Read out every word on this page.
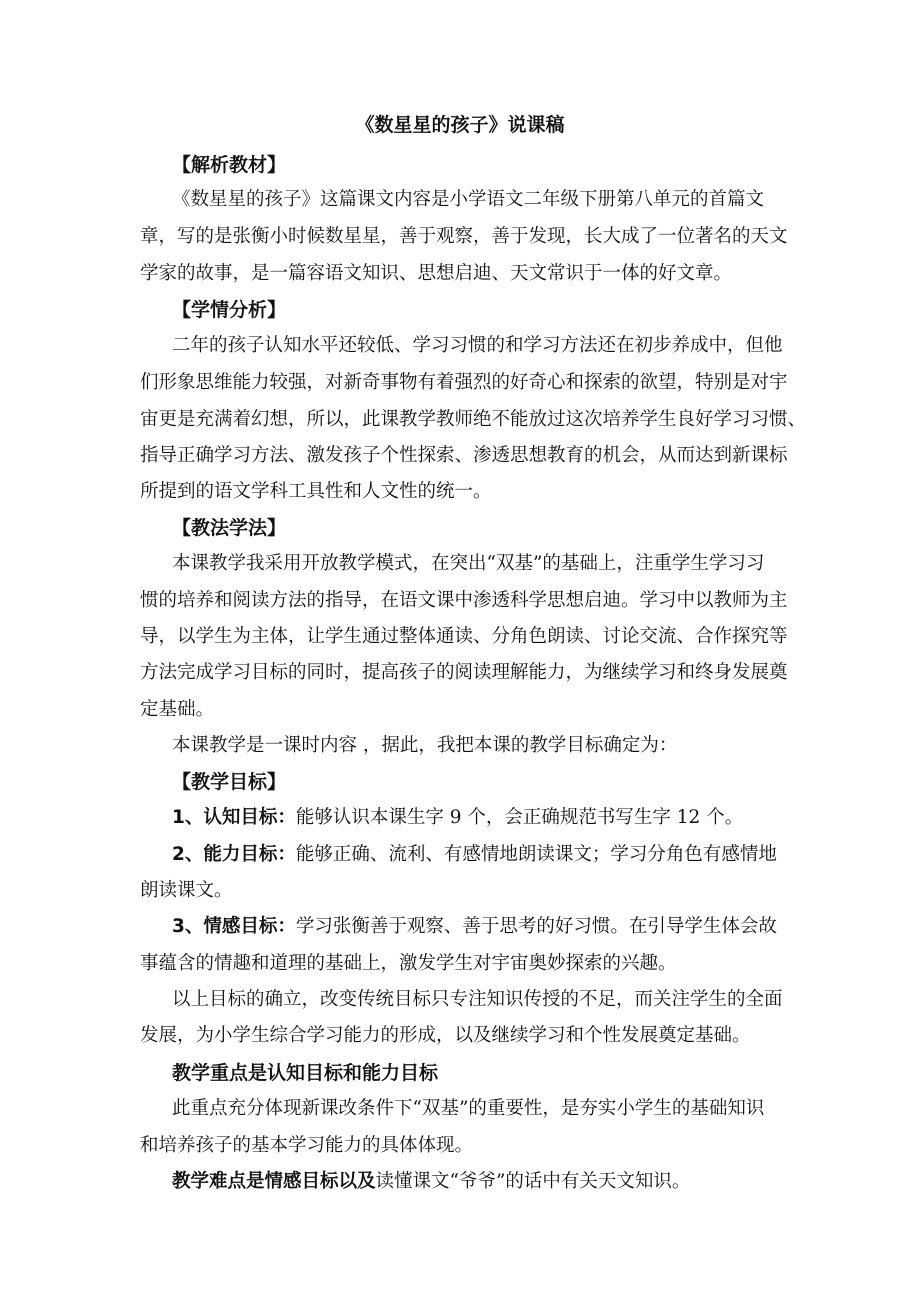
《数星星的孩子》说课稿
【解析教材】
《数星星的孩子》这篇课文内容是小学语文二年级下册第八单元的首篇文
章，写的是张衡小时候数星星，善于观察，善于发现，长大成了一位著名的天文
学家的故事，是一篇容语文知识、思想启迪、天文常识于一体的好文章。
【学情分析】
二年的孩子认知水平还较低、学习习惯的和学习方法还在初步养成中，但他
们形象思维能力较强，对新奇事物有着强烈的好奇心和探索的欲望，特别是对宇
宙更是充满着幻想，所以，此课教学教师绝不能放过这次培养学生良好学习习惯、
指导正确学习方法、激发孩子个性探索、渗透思想教育的机会，从而达到新课标
所提到的语文学科工具性和人文性的统一。
【教法学法】
本课教学我采用开放教学模式，在突出“双基”的基础上，注重学生学习习
惯的培养和阅读方法的指导，在语文课中渗透科学思想启迪。学习中以教师为主
导，以学生为主体，让学生通过整体通读、分角色朗读、讨论交流、合作探究等
方法完成学习目标的同时，提高孩子的阅读理解能力，为继续学习和终身发展奠
定基础。
本课教学是一课时内容 ，据此，我把本课的教学目标确定为：
【教学目标】
1、认知目标：能够认识本课生字 9 个，会正确规范书写生字 12 个。
2、能力目标：能够正确、流利、有感情地朗读课文；学习分角色有感情地
朗读课文。
3、情感目标：学习张衡善于观察、善于思考的好习惯。在引导学生体会故
事蕴含的情趣和道理的基础上，激发学生对宇宙奥妙探索的兴趣。
以上目标的确立，改变传统目标只专注知识传授的不足，而关注学生的全面
发展，为小学生综合学习能力的形成，以及继续学习和个性发展奠定基础。
教学重点是认知目标和能力目标
此重点充分体现新课改条件下“双基”的重要性，是夯实小学生的基础知识
和培养孩子的基本学习能力的具体体现。
教学难点是情感目标以及读懂课文“爷爷”的话中有关天文知识。
